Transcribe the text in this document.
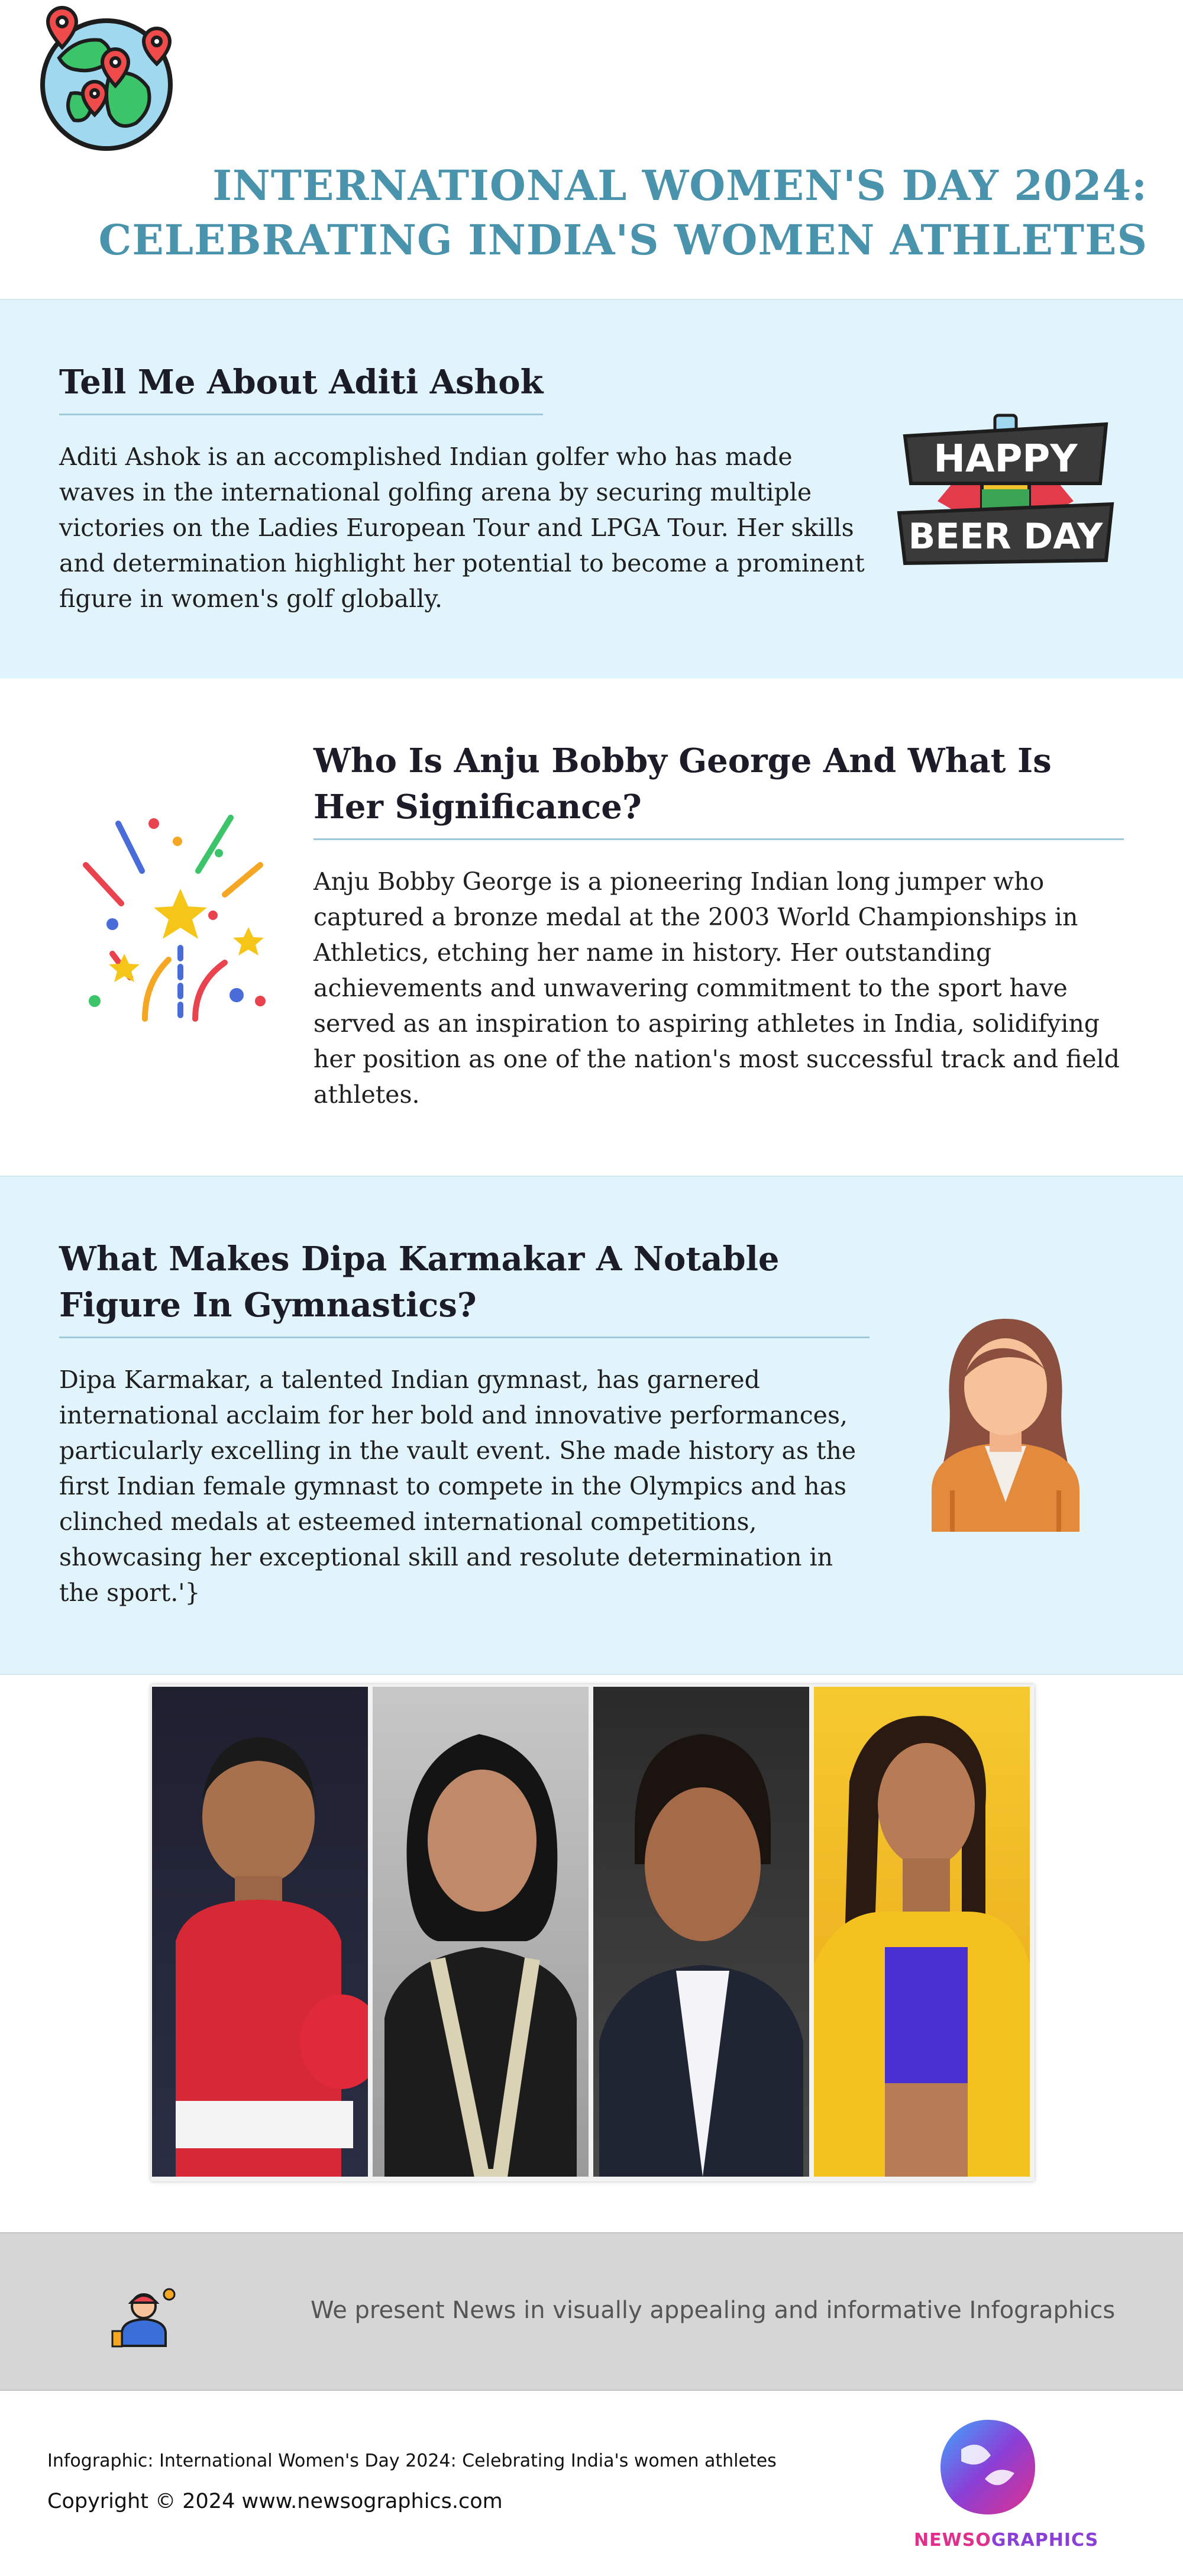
INTERNATIONAL WOMEN'S DAY 2024: CELEBRATING INDIA'S WOMEN ATHLETES
Tell Me About Aditi Ashok

Aditi Ashok is an accomplished Indian golfer who has made waves in the international golfing arena by securing multiple victories on the Ladies European Tour and LPGA Tour. Her skills and determination highlight her potential to become a prominent figure in women's golf globally.

HAPPY
BEER DAY
Who Is Anju Bobby George And What Is Her Significance?

Anju Bobby George is a pioneering Indian long jumper who captured a bronze medal at the 2003 World Championships in Athletics, etching her name in history. Her outstanding achievements and unwavering commitment to the sport have served as an inspiration to aspiring athletes in India, solidifying her position as one of the nation's most successful track and field athletes.

What Makes Dipa Karmakar A Notable Figure In Gymnastics?

Dipa Karmakar, a talented Indian gymnast, has garnered international acclaim for her bold and innovative performances, particularly excelling in the vault event. She made history as the first Indian female gymnast to compete in the Olympics and has clinched medals at esteemed international competitions, showcasing her exceptional skill and resolute determination in the sport.'}

We present News in visually appealing and informative Infographics
Infographic: International Women's Day 2024: Celebrating India's women athletes
Copyright © 2024 www.newsographics.com
NEWSOGRAPHICS
